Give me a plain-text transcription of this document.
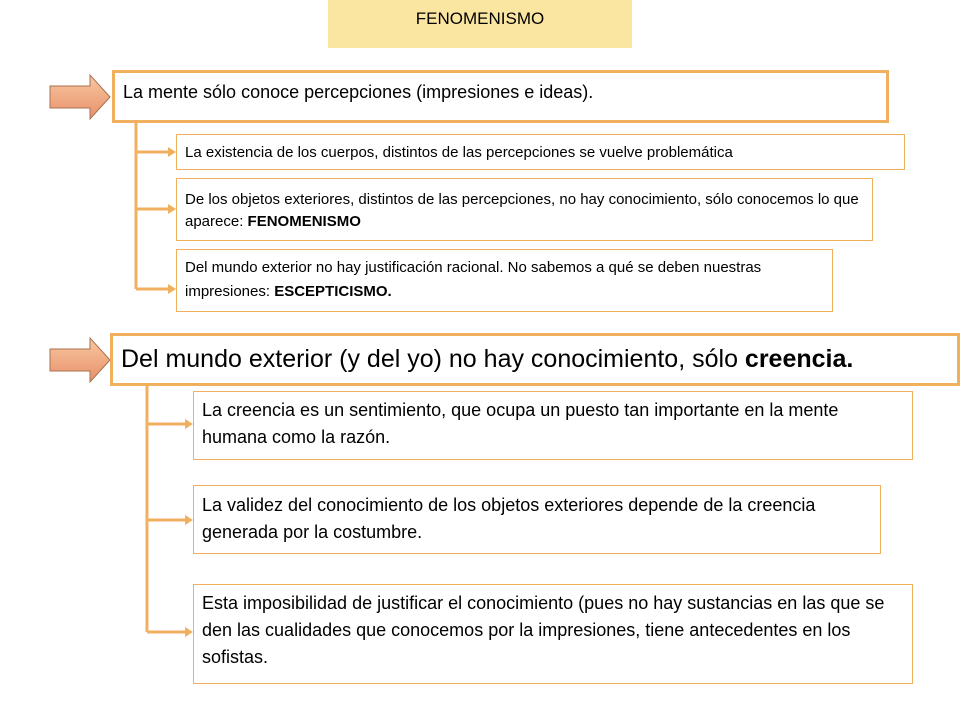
FENOMENISMO
La mente sólo conoce percepciones (impresiones e ideas).
La existencia de los cuerpos, distintos de las percepciones se vuelve problemática
De los objetos exteriores, distintos de las percepciones, no hay conocimiento, sólo conocemos lo que aparece: FENOMENISMO
Del mundo exterior no hay justificación racional. No sabemos a qué se deben nuestras impresiones: ESCEPTICISMO.
Del mundo exterior (y del yo) no hay conocimiento, sólo creencia.
La creencia es un sentimiento, que ocupa un puesto tan importante en la mente humana como la razón.
La validez del conocimiento de los objetos exteriores depende de la creencia generada por la costumbre.
Esta imposibilidad de justificar el conocimiento (pues no hay sustancias en las que se den las cualidades que conocemos por la impresiones, tiene antecedentes en los sofistas.
